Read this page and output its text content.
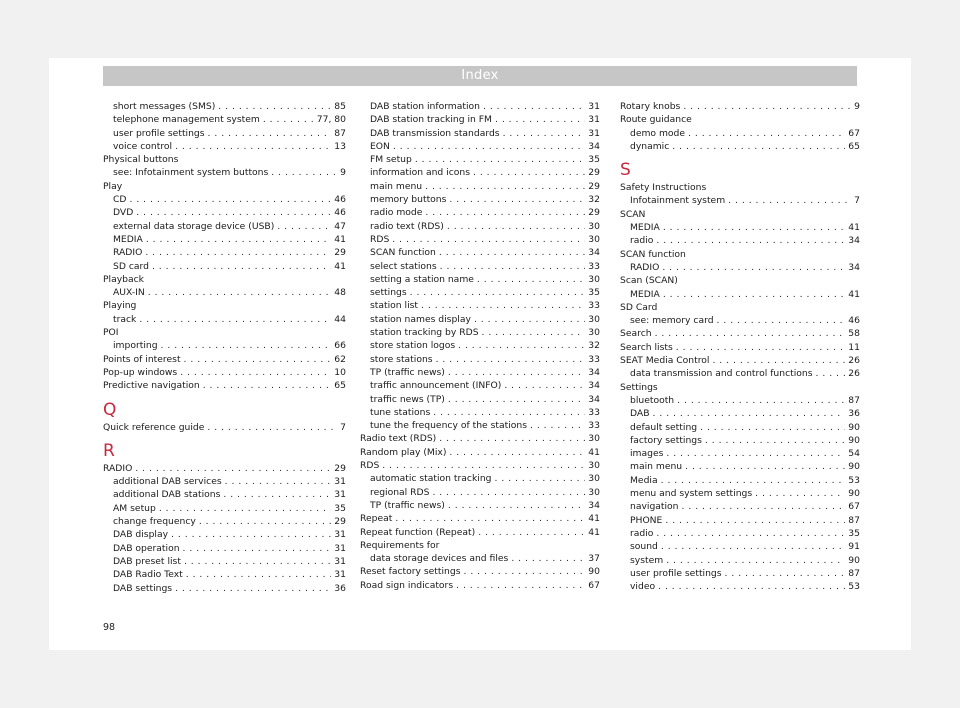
Index
short messages (SMS) . . .	85
telephone management system . . .	77, 80
user profile settings . . .	87
voice control . . .	13
Physical buttons
see: Infotainment system buttons . . .	9
Play
CD . . .	46
DVD . . .	46
external data storage device (USB) . . .	47
MEDIA . . .	41
RADIO . . .	29
SD card . . .	41
Playback
AUX-IN . . .	48
Playing
track . . .	44
POI
importing . . .	66
Points of interest . . .	62
Pop-up windows . . .	10
Predictive navigation . . .	65
Q
Quick reference guide . . .	7
R
RADIO . . .	29
additional DAB services . . .	31
additional DAB stations . . .	31
AM setup . . .	35
change frequency . . .	29
DAB display . . .	31
DAB operation . . .	31
DAB preset list . . .	31
DAB Radio Text . . .	31
DAB settings . . .	36
DAB station information . . .	31
DAB station tracking in FM . . .	31
DAB transmission standards . . .	31
EON . . .	34
FM setup . . .	35
information and icons . . .	29
main menu . . .	29
memory buttons . . .	32
radio mode . . .	29
radio text (RDS) . . .	30
RDS . . .	30
SCAN function . . .	34
select stations . . .	33
setting a station name . . .	30
settings . . .	35
station list . . .	33
station names display . . .	30
station tracking by RDS . . .	30
store station logos . . .	32
store stations . . .	33
TP (traffic news) . . .	34
traffic announcement (INFO) . . .	34
traffic news (TP) . . .	34
tune stations . . .	33
tune the frequency of the stations . . .	33
Radio text (RDS) . . .	30
Random play (Mix) . . .	41
RDS . . .	30
automatic station tracking . . .	30
regional RDS . . .	30
TP (traffic news) . . .	34
Repeat . . .	41
Repeat function (Repeat) . . .	41
Requirements for
data storage devices and files . . .	37
Reset factory settings . . .	90
Road sign indicators . . .	67
Rotary knobs . . .	9
Route guidance
demo mode . . .	67
dynamic . . .	65
S
Safety Instructions
Infotainment system . . .	7
SCAN
MEDIA . . .	41
radio . . .	34
SCAN function
RADIO . . .	34
Scan (SCAN)
MEDIA . . .	41
SD Card
see: memory card . . .	46
Search . . .	58
Search lists . . .	11
SEAT Media Control . . .	26
data transmission and control functions . . .	26
Settings
bluetooth . . .	87
DAB . . .	36
default setting . . .	90
factory settings . . .	90
images . . .	54
main menu . . .	90
Media . . .	53
menu and system settings . . .	90
navigation . . .	67
PHONE . . .	87
radio . . .	35
sound . . .	91
system . . .	90
user profile settings . . .	87
video . . .	53
98
